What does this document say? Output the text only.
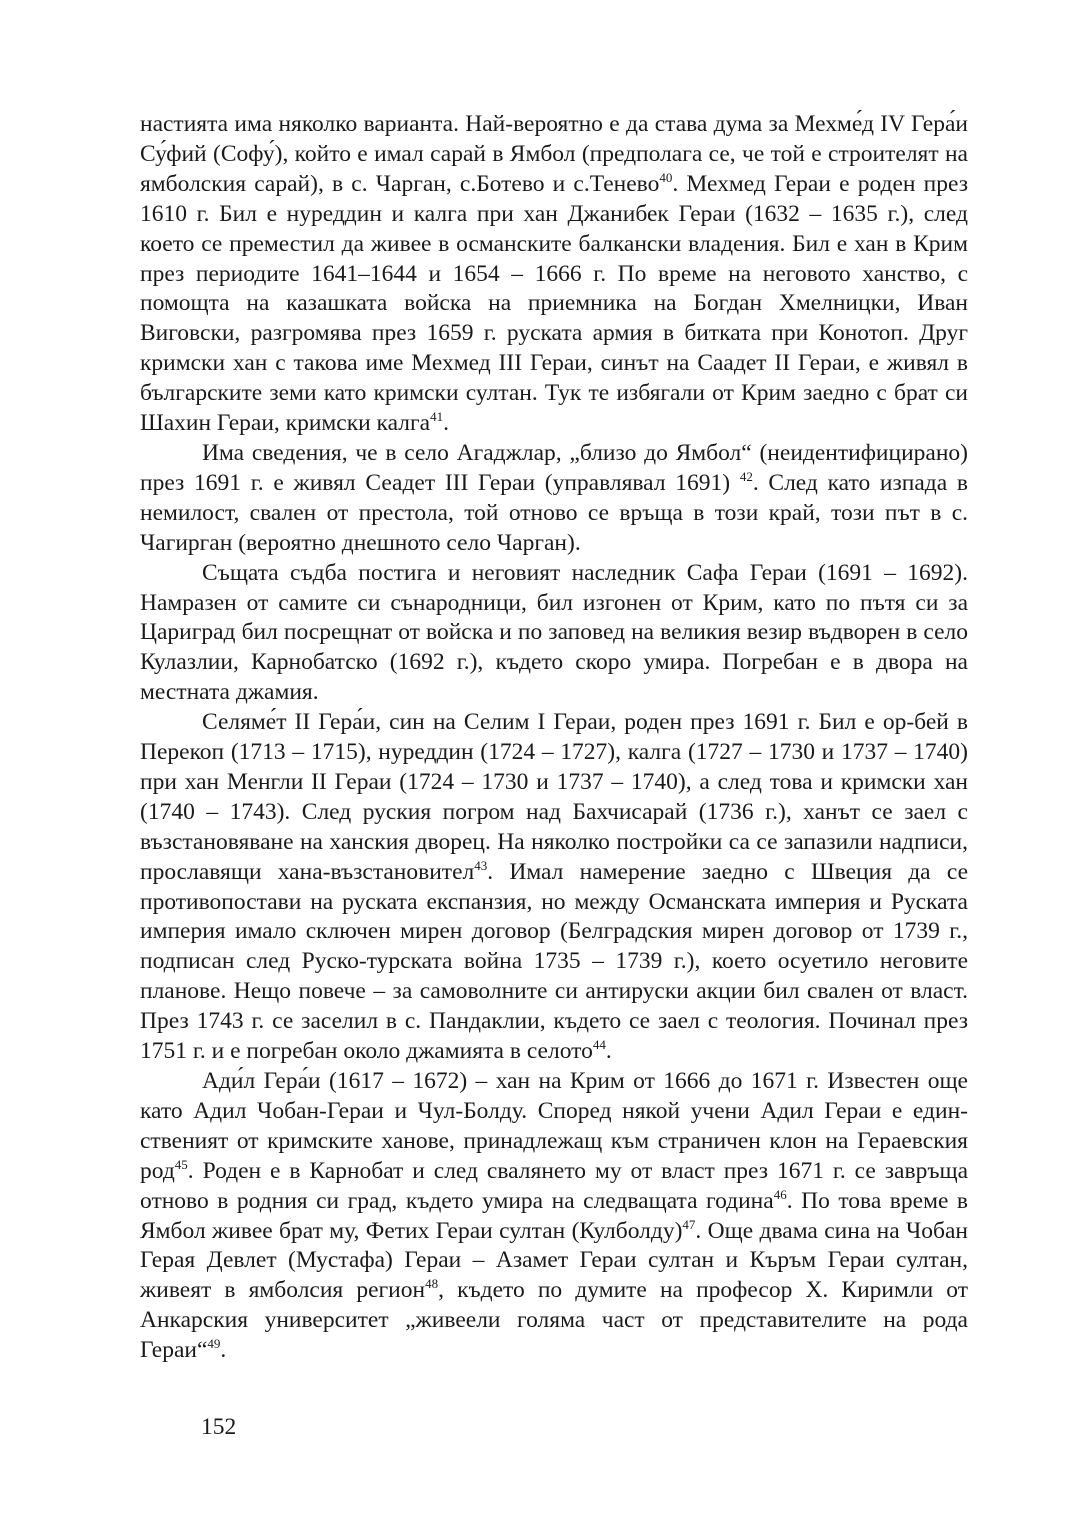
настията има няколко варианта. Най-вероятно е да става дума за Мехме́д IV Гера́и Су́фий (Софу́), който е имал сарай в Ямбол (предполага се, че той е строителят на ямболския сарай), в с. Чарган, с.Ботево и с.Тенево$^{40}$. Мехмед Гераи е роден през 1610 г. Бил е нуреддин и калга при хан Джанибек Гераи (1632 – 1635 г.), след което се преместил да живее в османските балкански владения. Бил е хан в Крим през периодите 1641–1644 и 1654 – 1666 г. По време на неговото ханство, с помощта на казашката войска на приемника на Богдан Хмелницки, Иван Виговски, разгромява през 1659 г. руската армия в битката при Конотоп. Друг кримски хан с такова име Мехмед III Гераи, синът на Саадет II Гераи, е живял в българските земи като кримски султан. Тук те избягали от Крим заедно с брат си Шахин Гераи, кримски калга$^{41}$.

Има сведения, че в село Агаджлар, „близо до Ямбол“ (неидентифицирано) през 1691 г. е живял Сеадет III Гераи (управлявал 1691) $^{42}$. След като изпада в немилост, свален от престола, той отново се връща в този край, този път в с. Чагирган (вероятно днешното село Чарган).

Същата съдба постига и неговият наследник Сафа Гераи (1691 – 1692). Намразен от самите си сънародници, бил изгонен от Крим, като по пътя си за Цариград бил посрещнат от войска и по заповед на великия везир въдворен в село Кулазлии, Карнобатско (1692 г.), където скоро умира. Погребан е в двора на местната джамия.

Селяме́т II Гера́и, син на Селим I Гераи, роден през 1691 г. Бил е ор-бей в Перекоп (1713 – 1715), нуреддин (1724 – 1727), калга (1727 – 1730 и 1737 – 1740) при хан Менгли II Гераи (1724 – 1730 и 1737 – 1740), а след това и кримски хан (1740 – 1743). След руския погром над Бахчисарай (1736 г.), ханът се заел с възстановяване на ханския дворец. На няколко постройки са се запазили надписи, прославящи хана-възстановител$^{43}$. Имал намерение заедно с Швеция да се противопостави на руската експанзия, но между Османската империя и Руската империя имало сключен мирен договор (Белградския мирен договор от 1739 г., подписан след Руско-турската война 1735 – 1739 г.), което осуетило неговите планове. Нещо повече – за самоволните си антируски акции бил свален от власт. През 1743 г. се заселил в с. Пандаклии, където се заел с теология. Починал през 1751 г. и е погребан около джамията в селото$^{44}$.

Ади́л Гера́и (1617 – 1672) – хан на Крим от 1666 до 1671 г. Известен още като Адил Чобан-Гераи и Чул-Болду. Според някой учени Адил Гераи е единственият от кримските ханове, принадлежащ към страничен клон на Гераевския род$^{45}$. Роден е в Карнобат и след свалянето му от власт през 1671 г. се завръща отново в родния си град, където умира на следващата година$^{46}$. По това време в Ямбол живее брат му, Фетих Гераи султан (Кулболду)$^{47}$. Още двама сина на Чобан Герая Девлет (Мустафа) Гераи – Азамет Гераи султан и Къръм Гераи султан, живеят в ямболсия регион$^{48}$, където по думите на професор Х. Киримли от Анкарския университет „живеели голяма част от представителите на рода Гераи“$^{49}$.

152
